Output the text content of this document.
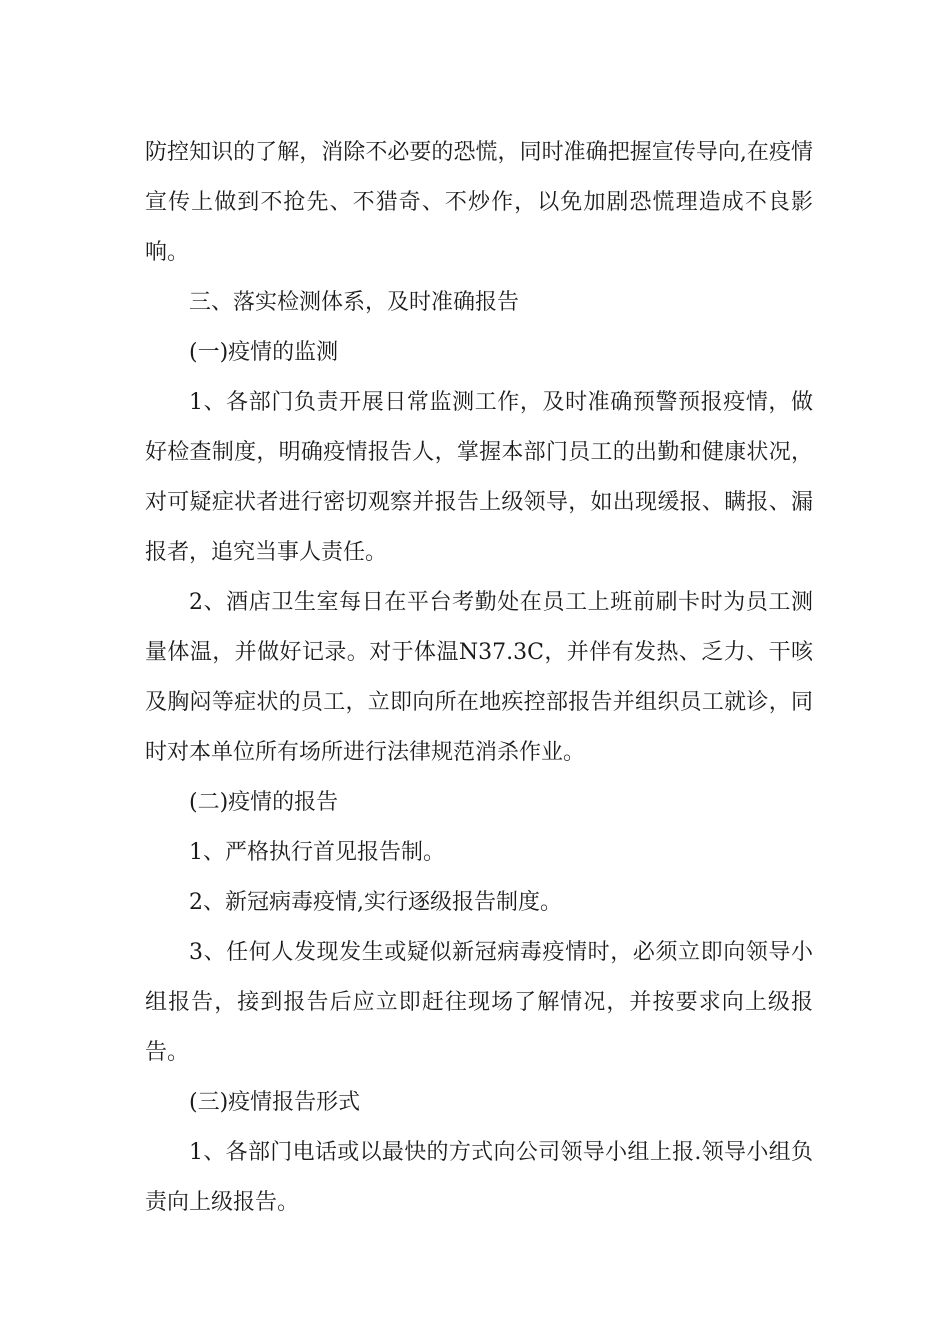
防控知识的了解，消除不必要的恐慌，同时准确把握宣传导向,在疫情宣传上做到不抢先、不猎奇、不炒作，以免加剧恐慌理造成不良影响。

三、落实检测体系，及时准确报告

(一)疫情的监测

1、各部门负责开展日常监测工作，及时准确预警预报疫情，做好检查制度，明确疫情报告人，掌握本部门员工的出勤和健康状况，对可疑症状者进行密切观察并报告上级领导，如出现缓报、瞒报、漏报者，追究当事人责任。

2、酒店卫生室每日在平台考勤处在员工上班前刷卡时为员工测量体温，并做好记录。对于体温N37.3C，并伴有发热、乏力、干咳及胸闷等症状的员工，立即向所在地疾控部报告并组织员工就诊，同时对本单位所有场所进行法律规范消杀作业。

(二)疫情的报告

1、严格执行首见报告制。

2、新冠病毒疫情,实行逐级报告制度。

3、任何人发现发生或疑似新冠病毒疫情时，必须立即向领导小组报告，接到报告后应立即赶往现场了解情况，并按要求向上级报告。

(三)疫情报告形式

1、各部门电话或以最快的方式向公司领导小组上报.领导小组负责向上级报告。
